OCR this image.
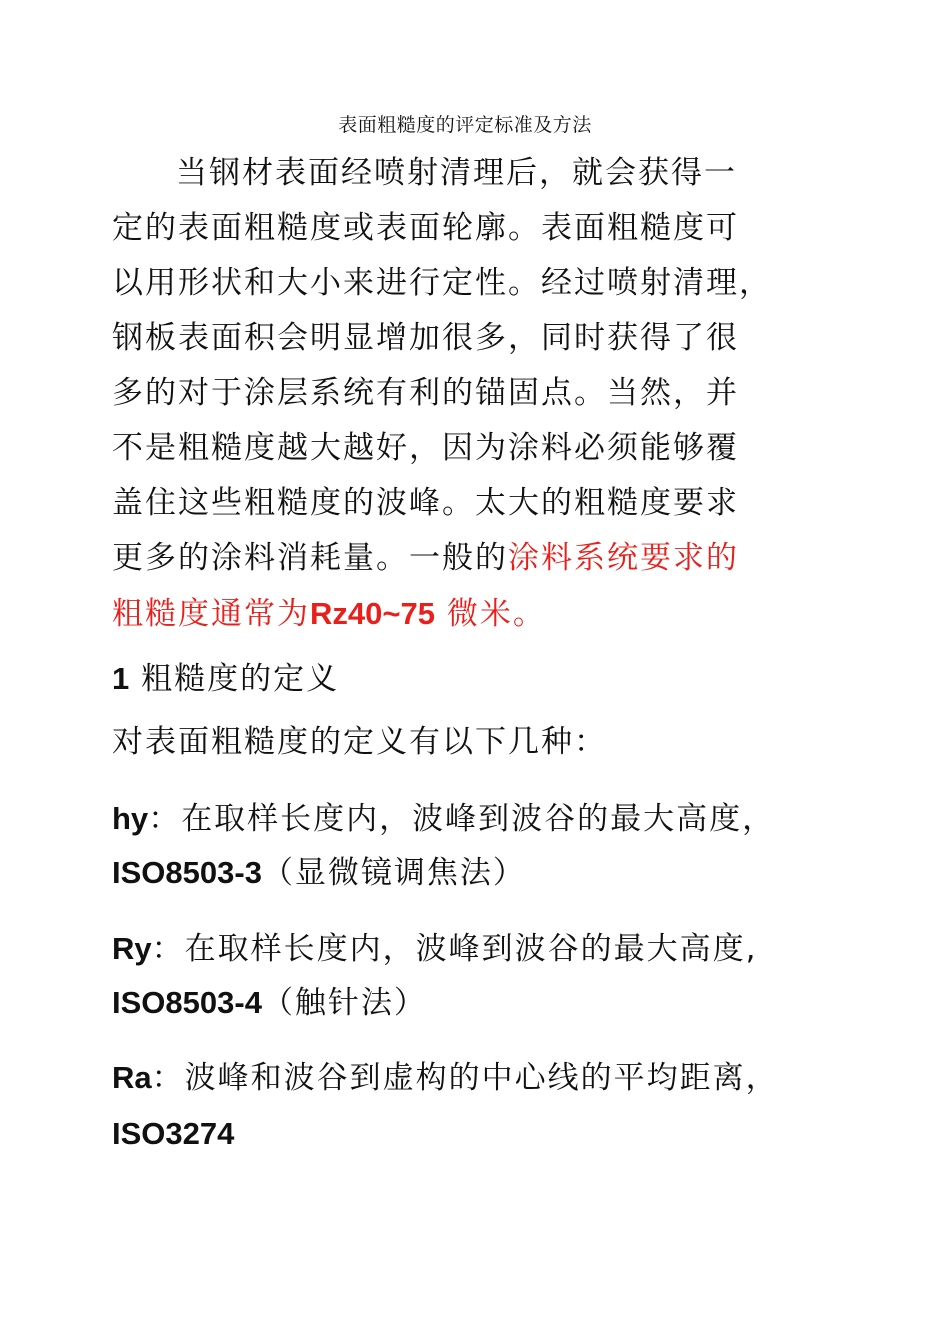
表面粗糙度的评定标准及方法
当钢材表面经喷射清理后，就会获得一
定的表面粗糙度或表面轮廓。表面粗糙度可
以用形状和大小来进行定性。经过喷射清理，
钢板表面积会明显增加很多，同时获得了很
多的对于涂层系统有利的锚固点。当然，并
不是粗糙度越大越好，因为涂料必须能够覆
盖住这些粗糙度的波峰。太大的粗糙度要求
更多的涂料消耗量。一般的涂料系统要求的
粗糙度通常为Rz40~75 微米。
1 粗糙度的定义
对表面粗糙度的定义有以下几种：
hy：在取样长度内，波峰到波谷的最大高度，
ISO8503-3（显微镜调焦法）
Ry：在取样长度内，波峰到波谷的最大高度,
ISO8503-4（触针法）
Ra：波峰和波谷到虚构的中心线的平均距离，
ISO3274
